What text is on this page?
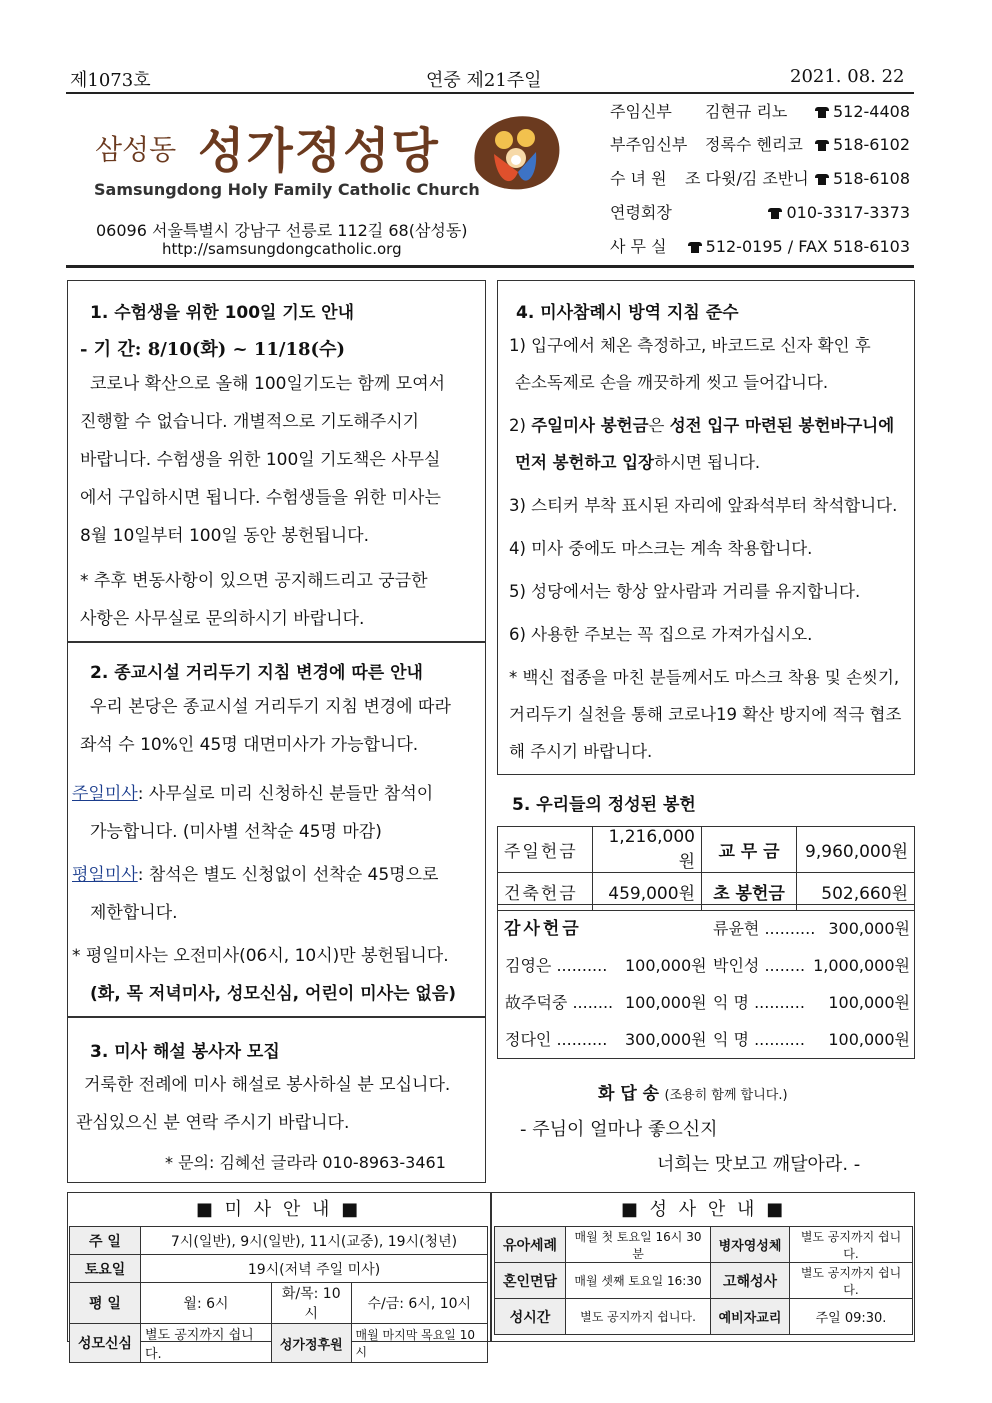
제1073호	연중 제21주일	2021. 08. 22
삼성동 성가정성당
Samsungdong Holy Family Catholic Church
06096 서울특별시 강남구 선릉로 112길 68(삼성동)
http://samsungdongcatholic.org
주임신부 김현규 리노	512-4408
부주임신부 정록수 헨리코	518-6102
수 녀 원 조 다윗/김 조반니	518-6108
연령회장	010-3317-3373
사 무 실	512-0195 / FAX 518-6103
1. 수험생을 위한 100일 기도 안내
- 기 간: 8/10(화) ~ 11/18(수)

코로나 확산으로 올해 100일기도는 함께 모여서

진행할 수 없습니다. 개별적으로 기도해주시기

바랍니다. 수험생을 위한 100일 기도책은 사무실

에서 구입하시면 됩니다. 수험생들을 위한 미사는

8월 10일부터 100일 동안 봉헌됩니다.

* 추후 변동사항이 있으면 공지해드리고 궁금한

사항은 사무실로 문의하시기 바랍니다.

2. 종교시설 거리두기 지침 변경에 따른 안내

우리 본당은 종교시설 거리두기 지침 변경에 따라

좌석 수 10%인 45명 대면미사가 가능합니다.

주일미사: 사무실로 미리 신청하신 분들만 참석이

가능합니다. (미사별 선착순 45명 마감)

평일미사: 참석은 별도 신청없이 선착순 45명으로

제한합니다.

* 평일미사는 오전미사(06시, 10시)만 봉헌됩니다.

(화, 목 저녁미사, 성모신심, 어린이 미사는 없음)

3. 미사 해설 봉사자 모집

거룩한 전례에 미사 해설로 봉사하실 분 모십니다.

관심있으신 분 연락 주시기 바랍니다.

* 문의: 김혜선 글라라 010-8963-3461
4. 미사참례시 방역 지침 준수

1) 입구에서 체온 측정하고, 바코드로 신자 확인 후

손소독제로 손을 깨끗하게 씻고 들어갑니다.

2) 주일미사 봉헌금은 성전 입구 마련된 봉헌바구니에

먼저 봉헌하고 입장하시면 됩니다.

3) 스티커 부착 표시된 자리에 앞좌석부터 착석합니다.

4) 미사 중에도 마스크는 계속 착용합니다.

5) 성당에서는 항상 앞사람과 거리를 유지합니다.

6) 사용한 주보는 꼭 집으로 가져가십시오.

* 백신 접종을 마친 분들께서도 마스크 착용 및 손씻기,

거리두기 실천을 통해 코로나19 확산 방지에 적극 협조

해 주시기 바랍니다.

5. 우리들의 정성된 봉헌
주일헌금	1,216,000원	교 무 금	9,960,000원
건축헌금	459,000원	초 봉헌금	502,660원
감사헌금	류윤현 .......... 300,000원
김영은 .......... 100,000원 박인성 ........ 1,000,000원
故주덕중 ........ 100,000원 익 명 .......... 100,000원
정다인 .......... 300,000원 익 명 .......... 100,000원
화 답 송 (조용히 함께 합니다.)
- 주님이 얼마나 좋으신지
너희는 맛보고 깨달아라. -
■ 미 사 안 내 ■	■ 성 사 안 내 ■
주 일	7시(일반), 9시(일반), 11시(교중), 19시(청년)		
토요일	19시(저녁 주일 미사)		
평 일	월: 6시	화/목: 10시	수/금: 6시, 10시
성모신심	별도 공지까지 쉽니다.	성가정후원	매월 마지막 목요일 10시
유아세례	매월 첫 토요일 16시 30분	병자영성체	별도 공지까지 쉽니다.
혼인면담	매월 셋째 토요일 16:30	고해성사	별도 공지까지 쉽니다.
성시간	별도 공지까지 쉽니다.	예비자교리	주일 09:30.
